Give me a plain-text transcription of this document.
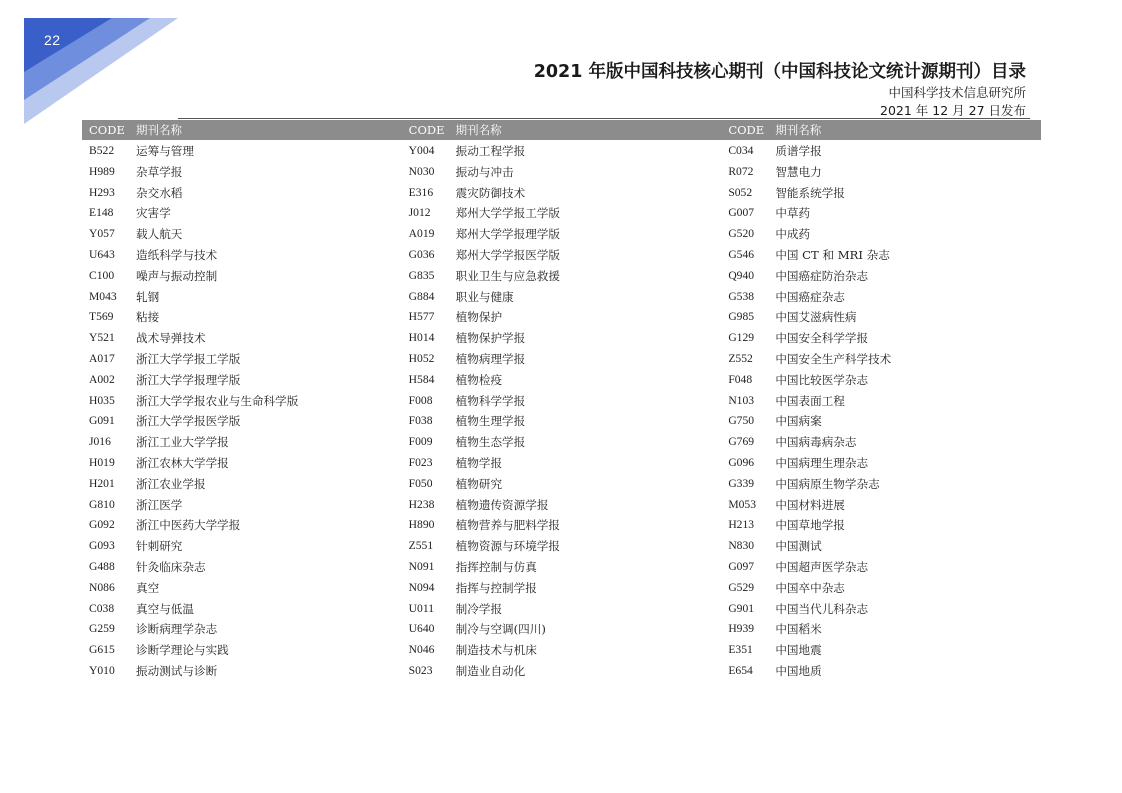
22
2021 年版中国科技核心期刊（中国科技论文统计源期刊）目录
中国科学技术信息研究所
2021 年 12 月 27 日发布
CODE 期刊名称	CODE 期刊名称	CODE 期刊名称
B522 运筹与管理
H989 杂草学报
H293 杂交水稻
E148 灾害学
Y057 载人航天
U643 造纸科学与技术
C100 噪声与振动控制
M043 轧钢
T569 粘接
Y521 战术导弹技术
A017 浙江大学学报工学版
A002 浙江大学学报理学版
H035 浙江大学学报农业与生命科学版
G091 浙江大学学报医学版
J016 浙江工业大学学报
H019 浙江农林大学学报
H201 浙江农业学报
G810 浙江医学
G092 浙江中医药大学学报
G093 针刺研究
G488 针灸临床杂志
N086 真空
C038 真空与低温
G259 诊断病理学杂志
G615 诊断学理论与实践
Y010 振动测试与诊断
Y004 振动工程学报
N030 振动与冲击
E316 震灾防御技术
J012 郑州大学学报工学版
A019 郑州大学学报理学版
G036 郑州大学学报医学版
G835 职业卫生与应急救援
G884 职业与健康
H577 植物保护
H014 植物保护学报
H052 植物病理学报
H584 植物检疫
F008 植物科学学报
F038 植物生理学报
F009 植物生态学报
F023 植物学报
F050 植物研究
H238 植物遗传资源学报
H890 植物营养与肥料学报
Z551 植物资源与环境学报
N091 指挥控制与仿真
N094 指挥与控制学报
U011 制冷学报
U640 制冷与空调(四川)
N046 制造技术与机床
S023 制造业自动化
C034 质谱学报
R072 智慧电力
S052 智能系统学报
G007 中草药
G520 中成药
G546 中国 CT 和 MRI 杂志
Q940 中国癌症防治杂志
G538 中国癌症杂志
G985 中国艾滋病性病
G129 中国安全科学学报
Z552 中国安全生产科学技术
F048 中国比较医学杂志
N103 中国表面工程
G750 中国病案
G769 中国病毒病杂志
G096 中国病理生理杂志
G339 中国病原生物学杂志
M053 中国材料进展
H213 中国草地学报
N830 中国测试
G097 中国超声医学杂志
G529 中国卒中杂志
G901 中国当代儿科杂志
H939 中国稻米
E351 中国地震
E654 中国地质
